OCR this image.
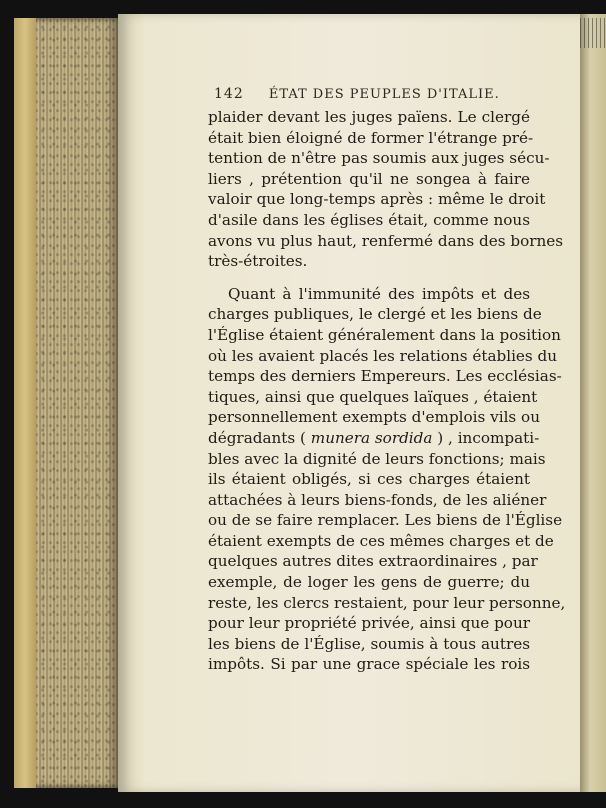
142 ÉTAT DES PEUPLES D'ITALIE.
plaider devant les juges païens. Le clergé
était bien éloigné de former l'étrange pré-
tention de n'être pas soumis aux juges sécu-
liers , prétention qu'il ne songea à faire
valoir que long-temps après : même le droit
d'asile dans les églises était, comme nous
avons vu plus haut, renfermé dans des bornes
très-étroites.
Quant à l'immunité des impôts et des
charges publiques, le clergé et les biens de
l'Église étaient généralement dans la position
où les avaient placés les relations établies du
temps des derniers Empereurs. Les ecclésias-
tiques, ainsi que quelques laïques , étaient
personnellement exempts d'emplois vils ou
dégradants ( munera sordida ) , incompati-
bles avec la dignité de leurs fonctions; mais
ils étaient obligés, si ces charges étaient
attachées à leurs biens-fonds, de les aliéner
ou de se faire remplacer. Les biens de l'Église
étaient exempts de ces mêmes charges et de
quelques autres dites extraordinaires , par
exemple, de loger les gens de guerre; du
reste, les clercs restaient, pour leur personne,
pour leur propriété privée, ainsi que pour
les biens de l'Église, soumis à tous autres
impôts. Si par une grace spéciale les rois
